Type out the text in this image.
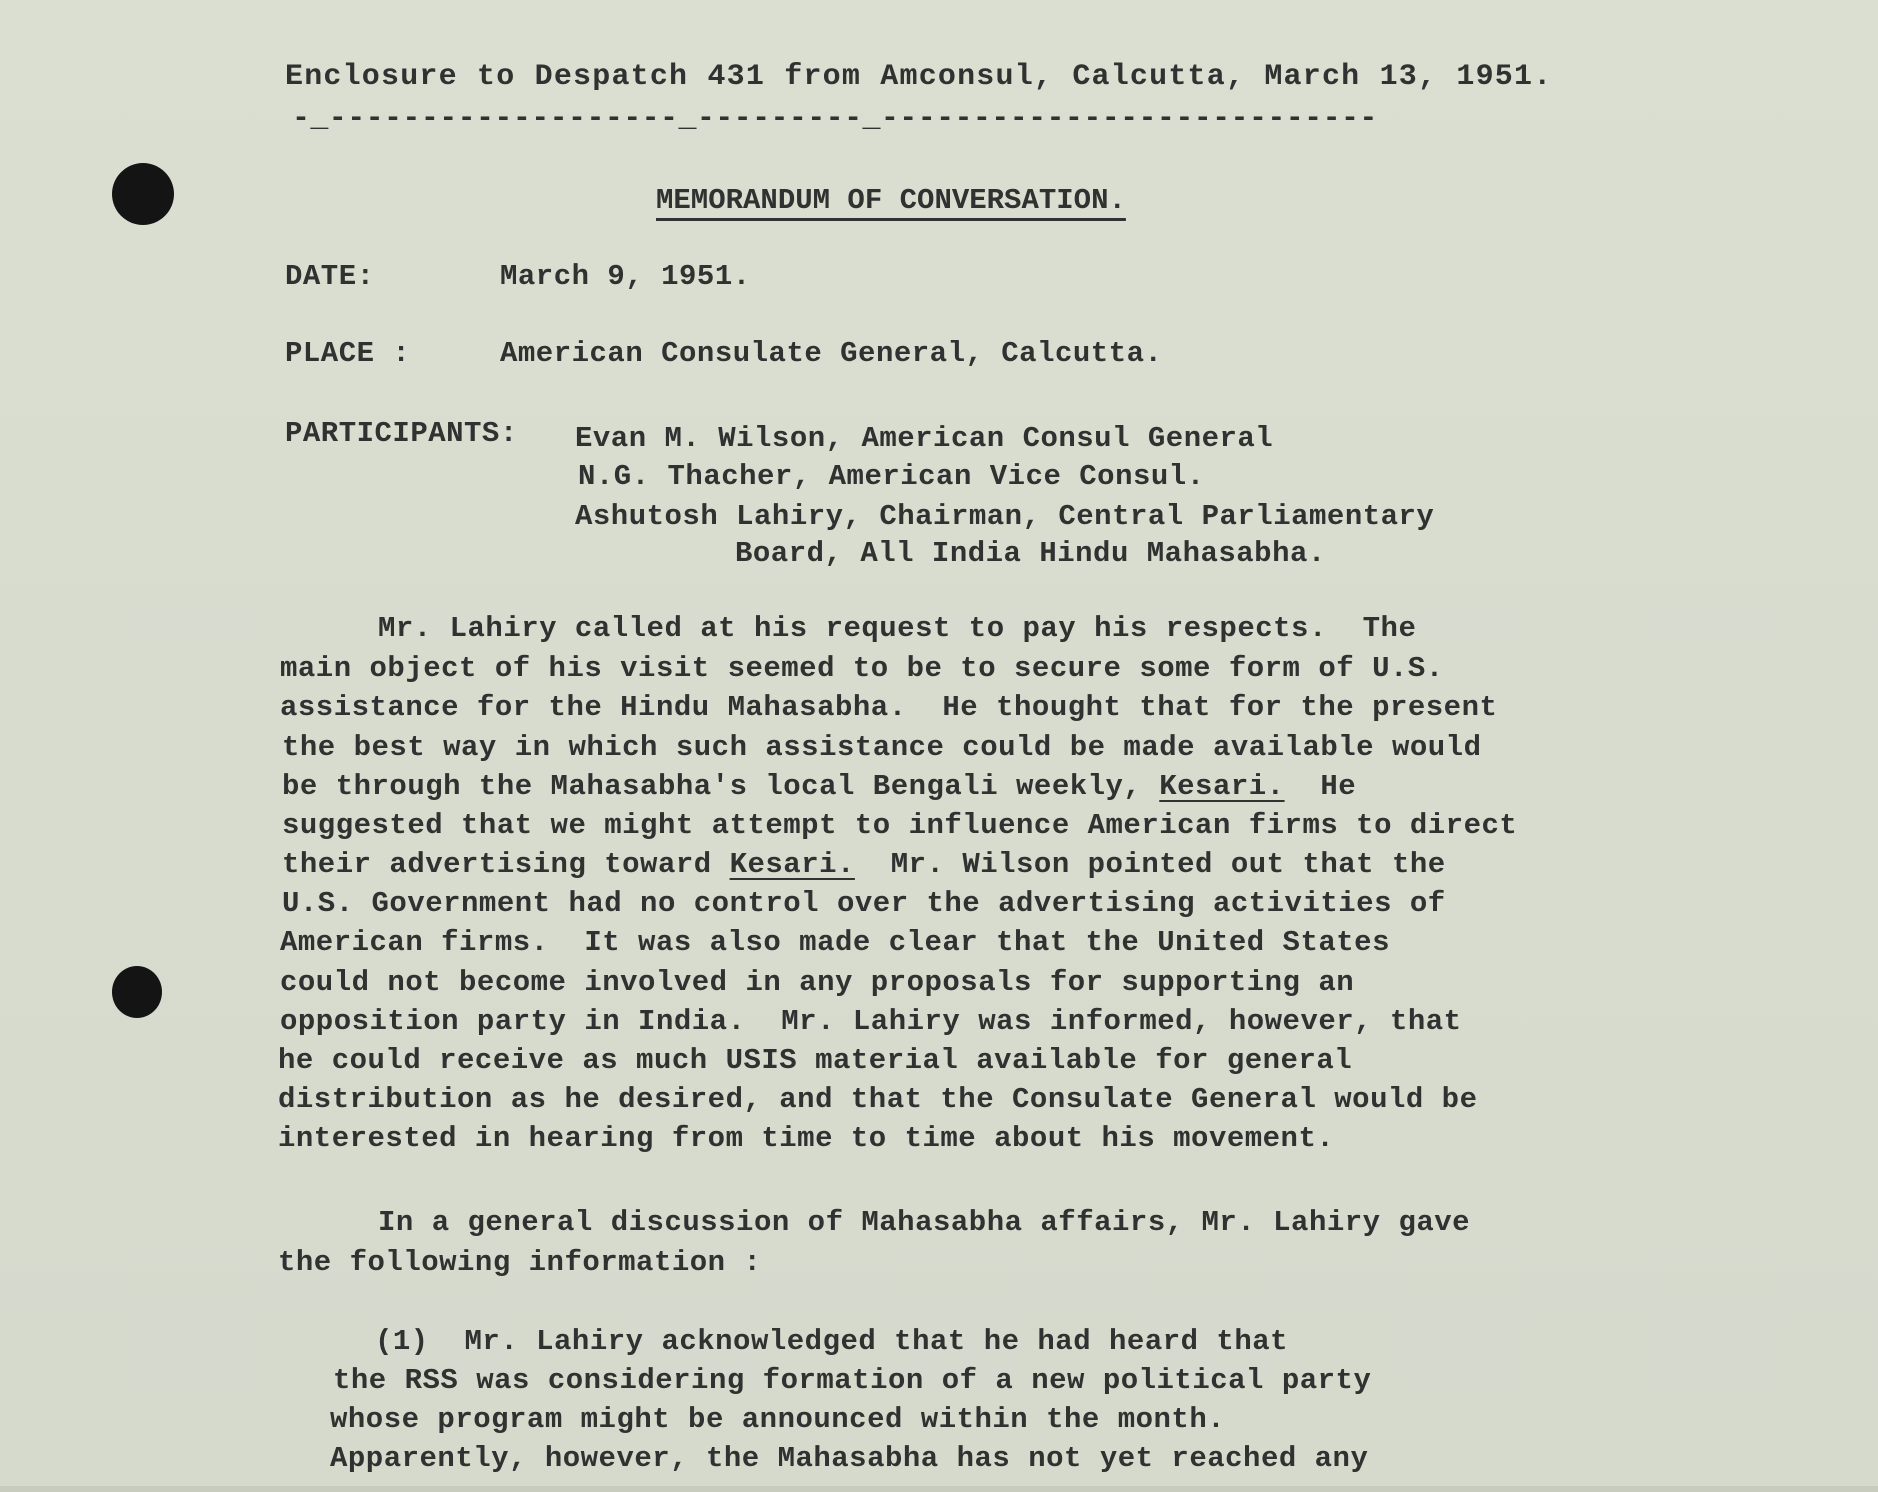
Enclosure to Despatch 431 from Amconsul, Calcutta, March 13, 1951.
-_-------------------_---------_---------------------------
MEMORANDUM OF CONVERSATION.
DATE:	March 9, 1951.
PLACE :	American Consulate General, Calcutta.
PARTICIPANTS: Evan M. Wilson, American Consul General
N.G. Thacher, American Vice Consul.
Ashutosh Lahiry, Chairman, Central Parliamentary
Board, All India Hindu Mahasabha.
Mr. Lahiry called at his request to pay his respects.  The
main object of his visit seemed to be to secure some form of U.S.
assistance for the Hindu Mahasabha.  He thought that for the present
the best way in which such assistance could be made available would
be through the Mahasabha's local Bengali weekly, Kesari.  He
suggested that we might attempt to influence American firms to direct
their advertising toward Kesari.  Mr. Wilson pointed out that the
U.S. Government had no control over the advertising activities of
American firms.  It was also made clear that the United States
could not become involved in any proposals for supporting an
opposition party in India.  Mr. Lahiry was informed, however, that
he could receive as much USIS material available for general
distribution as he desired, and that the Consulate General would be
interested in hearing from time to time about his movement.
In a general discussion of Mahasabha affairs, Mr. Lahiry gave
the following information :
(1)  Mr. Lahiry acknowledged that he had heard that
the RSS was considering formation of a new political party
whose program might be announced within the month.
Apparently, however, the Mahasabha has not yet reached any
